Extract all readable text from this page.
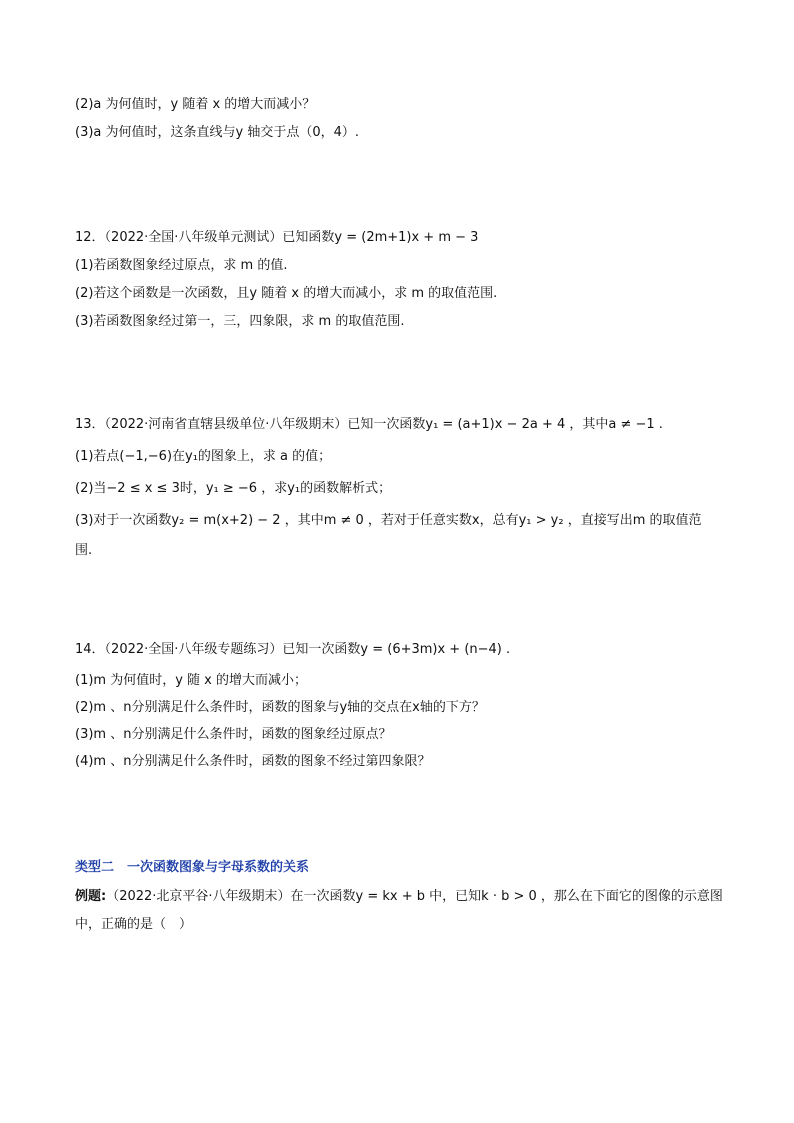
(2)a 为何值时，y 随着 x 的增大而减小？
(3)a 为何值时，这条直线与y 轴交于点（0，4）.
12．（2022·全国·八年级单元测试）已知函数y = (2m+1)x + m − 3
(1)若函数图象经过原点，求 m 的值.
(2)若这个函数是一次函数，且y 随着 x 的增大而减小，求 m 的取值范围.
(3)若函数图象经过第一，三，四象限，求 m 的取值范围.
13．（2022·河南省直辖县级单位·八年级期末）已知一次函数y₁ = (a+1)x − 2a + 4 ，其中a ≠ −1 .
(1)若点(−1,−6)在y₁的图象上，求 a 的值；
(2)当−2 ≤ x ≤ 3时，y₁ ≥ −6 ，求y₁的函数解析式；
(3)对于一次函数y₂ = m(x+2) − 2 ，其中m ≠ 0 ，若对于任意实数x，总有y₁ > y₂ ，直接写出m 的取值范
围.
14．（2022·全国·八年级专题练习）已知一次函数y = (6+3m)x + (n−4) .
(1)m 为何值时，y 随 x 的增大而减小；
(2)m 、n分别满足什么条件时，函数的图象与y轴的交点在x轴的下方？
(3)m 、n分别满足什么条件时，函数的图象经过原点？
(4)m 、n分别满足什么条件时，函数的图象不经过第四象限？
类型二　一次函数图象与字母系数的关系
例题:（2022·北京平谷·八年级期末）在一次函数y = kx + b 中，已知k · b > 0 ，那么在下面它的图像的示意图
中，正确的是（　）
